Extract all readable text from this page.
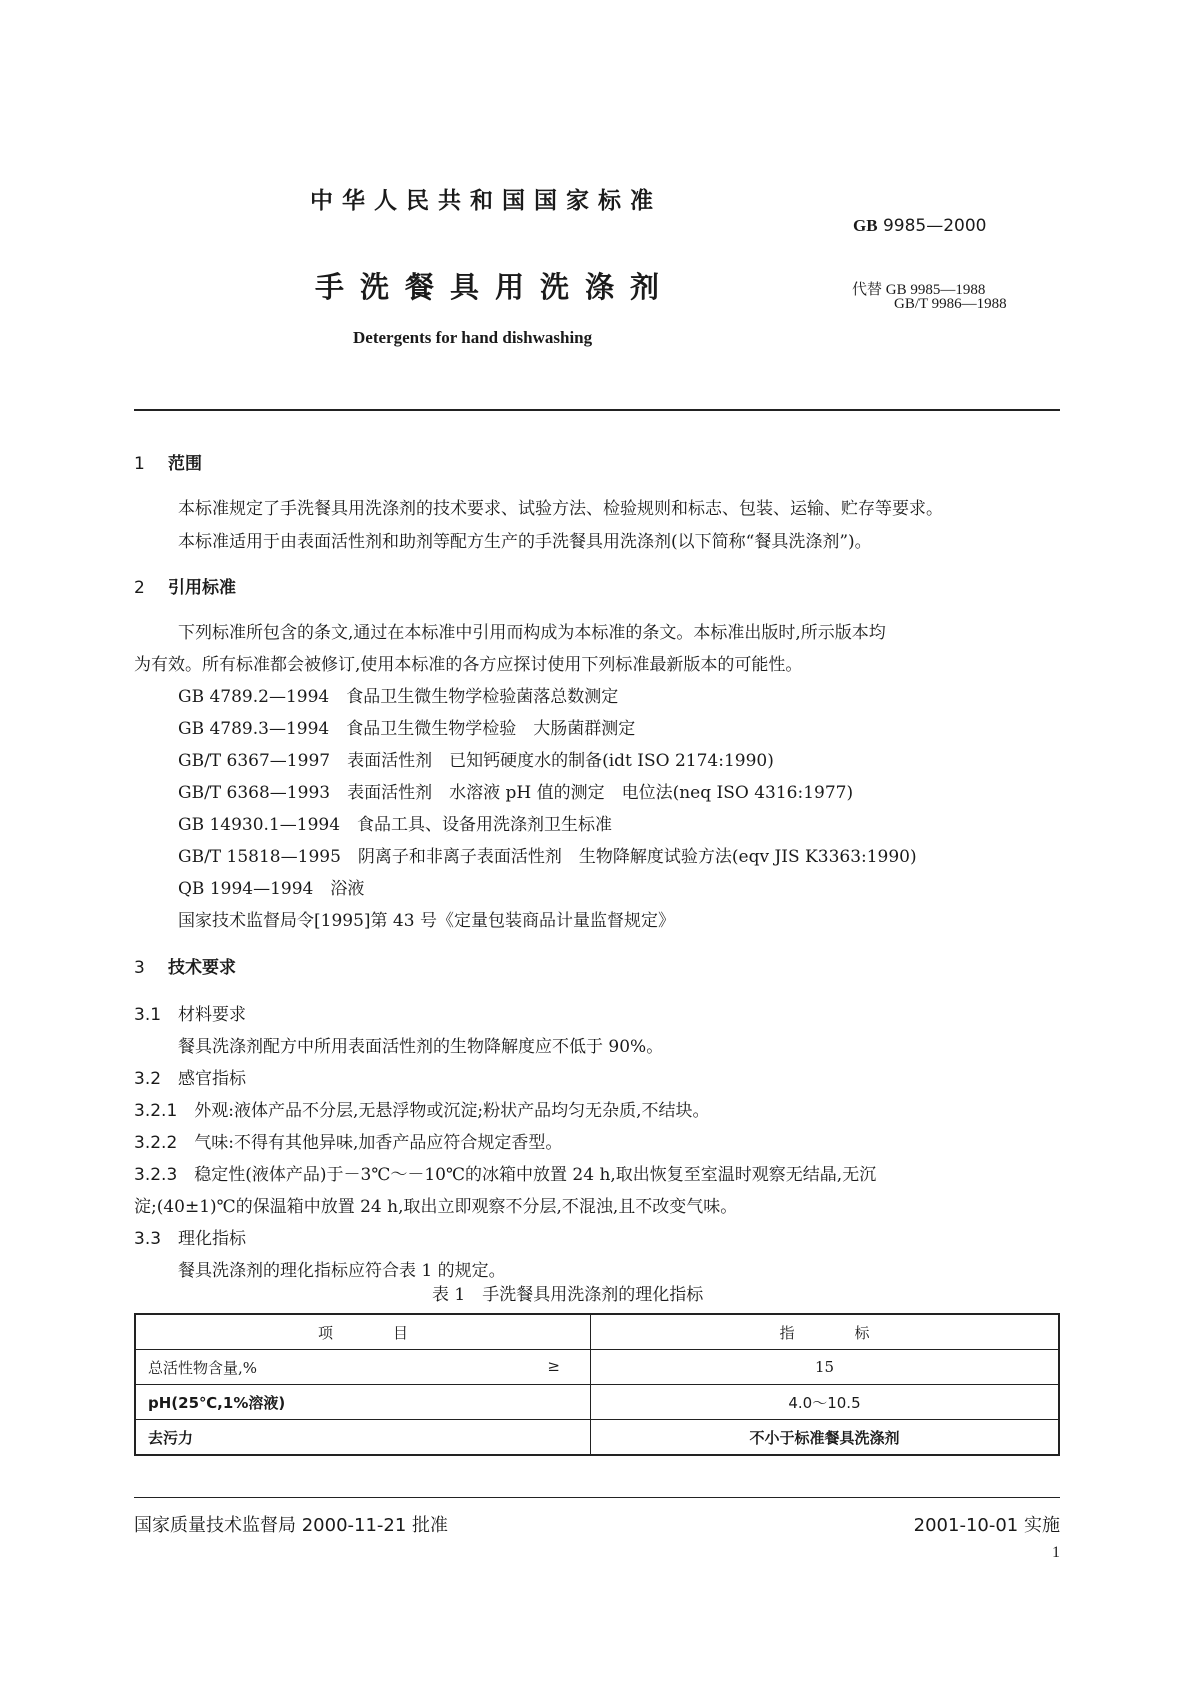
中华人民共和国国家标准
GB 9985—2000
手洗餐具用洗涤剂	代替 GB 9985—1988
GB/T 9986—1988
Detergents for hand dishwashing
1 范围
本标准规定了手洗餐具用洗涤剂的技术要求、试验方法、检验规则和标志、包装、运输、贮存等要求。
本标准适用于由表面活性剂和助剂等配方生产的手洗餐具用洗涤剂(以下简称“餐具洗涤剂”)。
2 引用标准
下列标准所包含的条文,通过在本标准中引用而构成为本标准的条文。本标准出版时,所示版本均
为有效。所有标准都会被修订,使用本标准的各方应探讨使用下列标准最新版本的可能性。
GB 4789.2—1994　食品卫生微生物学检验菌落总数测定
GB 4789.3—1994　食品卫生微生物学检验　大肠菌群测定
GB/T 6367—1997　表面活性剂　已知钙硬度水的制备(idt ISO 2174:1990)
GB/T 6368—1993　表面活性剂　水溶液 pH 值的测定　电位法(neq ISO 4316:1977)
GB 14930.1—1994　食品工具、设备用洗涤剂卫生标准
GB/T 15818—1995　阴离子和非离子表面活性剂　生物降解度试验方法(eqv JIS K3363:1990)
QB 1994—1994　浴液
国家技术监督局令[1995]第 43 号《定量包装商品计量监督规定》
3 技术要求
3.1　 材料要求
餐具洗涤剂配方中所用表面活性剂的生物降解度应不低于 90%。
3.2　 感官指标
3.2.1　 外观:液体产品不分层,无悬浮物或沉淀;粉状产品均匀无杂质,不结块。
3.2.2　 气味:不得有其他异味,加香产品应符合规定香型。
3.2.3　 稳定性(液体产品)于－3℃～－10℃的冰箱中放置 24 h,取出恢复至室温时观察无结晶,无沉
淀;(40±1)℃的保温箱中放置 24 h,取出立即观察不分层,不混浊,且不改变气味。
3.3　 理化指标
餐具洗涤剂的理化指标应符合表 1 的规定。
表 1　手洗餐具用洗涤剂的理化指标
项　　　　目	指　　　　标
总活性物含量,% ≥	15
pH(25℃,1%溶液)	4.0～10.5
去污力	不小于标准餐具洗涤剂
国家质量技术监督局 2000-11-21 批准	2001-10-01 实施
1
